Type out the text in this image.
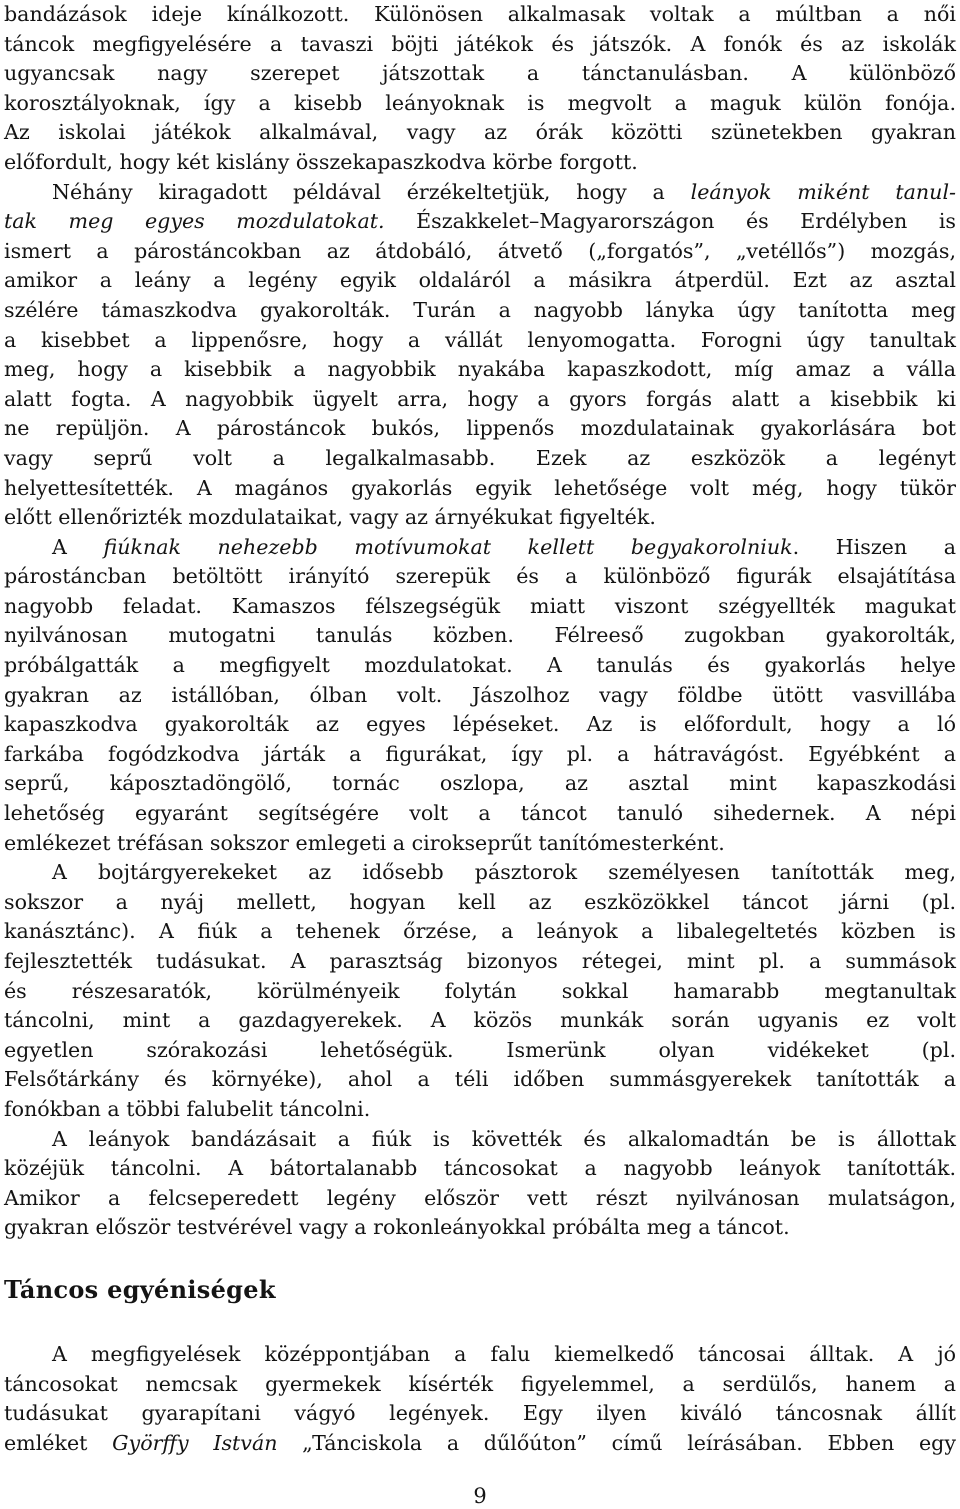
bandázások ideje kínálkozott. Különösen alkalmasak voltak a múltban a női
táncok megfigyelésére a tavaszi böjti játékok és játszók. A fonók és az iskolák
ugyancsak nagy szerepet játszottak a tánctanulásban. A különböző
korosztályoknak, így a kisebb leányoknak is megvolt a maguk külön fonója.
Az iskolai játékok alkalmával, vagy az órák közötti szünetekben gyakran
előfordult, hogy két kislány összekapaszkodva körbe forgott.
Néhány kiragadott példával érzékeltetjük, hogy a leányok miként tanul-
tak meg egyes mozdulatokat. Északkelet–Magyarországon és Erdélyben is
ismert a párostáncokban az átdobáló, átvető („forgatós”, „vetéllős”) mozgás,
amikor a leány a legény egyik oldaláról a másikra átperdül. Ezt az asztal
szélére támaszkodva gyakorolták. Turán a nagyobb lányka úgy tanította meg
a kisebbet a lippenősre, hogy a vállát lenyomogatta. Forogni úgy tanultak
meg, hogy a kisebbik a nagyobbik nyakába kapaszkodott, míg amaz a válla
alatt fogta. A nagyobbik ügyelt arra, hogy a gyors forgás alatt a kisebbik ki
ne repüljön. A párostáncok bukós, lippenős mozdulatainak gyakorlására bot
vagy seprű volt a legalkalmasabb. Ezek az eszközök a legényt
helyettesítették. A magános gyakorlás egyik lehetősége volt még, hogy tükör
előtt ellenőrizték mozdulataikat, vagy az árnyékukat figyelték.
A fiúknak nehezebb motívumokat kellett begyakorolniuk. Hiszen a
párostáncban betöltött irányító szerepük és a különböző figurák elsajátítása
nagyobb feladat. Kamaszos félszegségük miatt viszont szégyellték magukat
nyilvánosan mutogatni tanulás közben. Félreeső zugokban gyakorolták,
próbálgatták a megfigyelt mozdulatokat. A tanulás és gyakorlás helye
gyakran az istállóban, ólban volt. Jászolhoz vagy földbe ütött vasvillába
kapaszkodva gyakorolták az egyes lépéseket. Az is előfordult, hogy a ló
farkába fogódzkodva járták a figurákat, így pl. a hátravágóst. Egyébként a
seprű, káposztadöngölő, tornác oszlopa, az asztal mint kapaszkodási
lehetőség egyaránt segítségére volt a táncot tanuló sihedernek. A népi
emlékezet tréfásan sokszor emlegeti a cirokseprűt tanítómesterként.
A bojtárgyerekeket az idősebb pásztorok személyesen tanították meg,
sokszor a nyáj mellett, hogyan kell az eszközökkel táncot járni (pl.
kanásztánc). A fiúk a tehenek őrzése, a leányok a libalegeltetés közben is
fejlesztették tudásukat. A parasztság bizonyos rétegei, mint pl. a summások
és részesaratók, körülményeik folytán sokkal hamarabb megtanultak
táncolni, mint a gazdagyerekek. A közös munkák során ugyanis ez volt
egyetlen szórakozási lehetőségük. Ismerünk olyan vidékeket (pl.
Felsőtárkány és környéke), ahol a téli időben summásgyerekek tanították a
fonókban a többi falubelit táncolni.
A leányok bandázásait a fiúk is követték és alkalomadtán be is állottak
közéjük táncolni. A bátortalanabb táncosokat a nagyobb leányok tanították.
Amikor a felcseperedett legény először vett részt nyilvánosan mulatságon,
gyakran először testvérével vagy a rokonleányokkal próbálta meg a táncot.
Táncos egyéniségek
A megfigyelések középpontjában a falu kiemelkedő táncosai álltak. A jó
táncosokat nemcsak gyermekek kísérték figyelemmel, a serdülős, hanem a
tudásukat gyarapítani vágyó legények. Egy ilyen kiváló táncosnak állít
emléket Györffy István „Tánciskola a dűlőúton” című leírásában. Ebben egy
9
